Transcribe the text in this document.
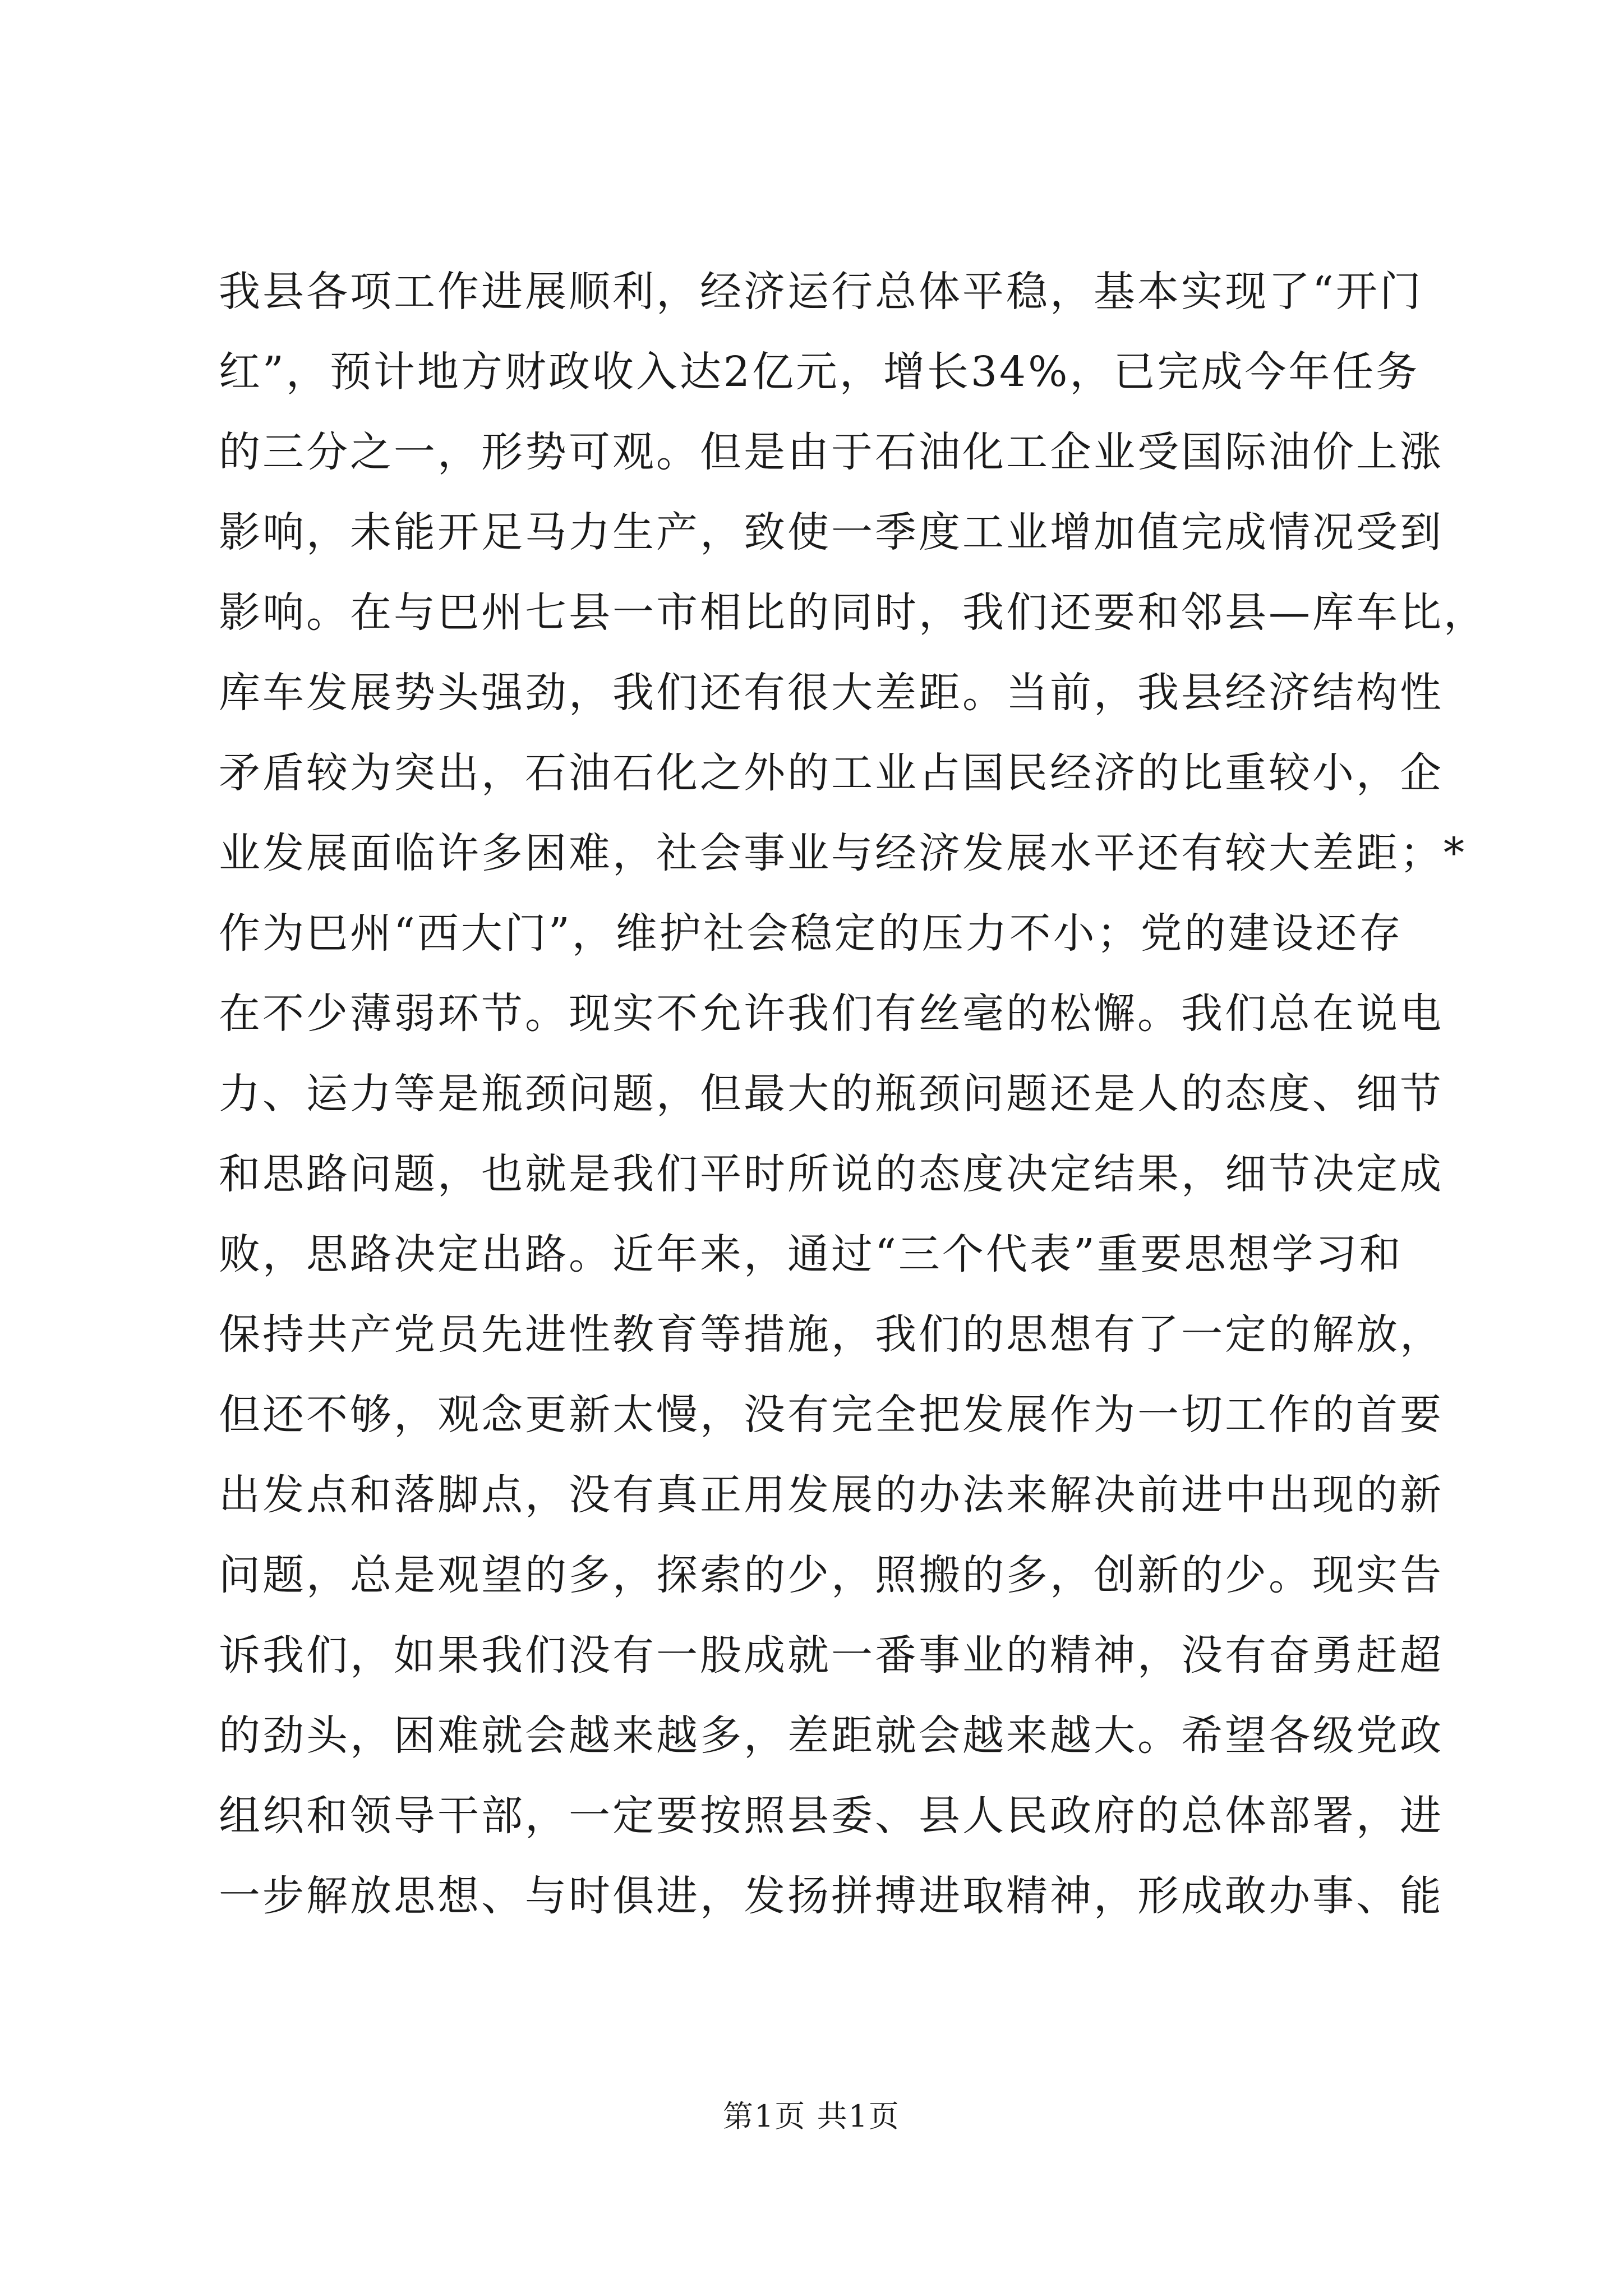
我县各项工作进展顺利，经济运行总体平稳，基本实现了“开门
红”，预计地方财政收入达2亿元，增长34%，已完成今年任务
的三分之一，形势可观。但是由于石油化工企业受国际油价上涨
影响，未能开足马力生产，致使一季度工业增加值完成情况受到
影响。在与巴州七县一市相比的同时，我们还要和邻县—库车比，
库车发展势头强劲，我们还有很大差距。当前，我县经济结构性
矛盾较为突出，石油石化之外的工业占国民经济的比重较小，企
业发展面临许多困难，社会事业与经济发展水平还有较大差距；*
作为巴州“西大门”，维护社会稳定的压力不小；党的建设还存
在不少薄弱环节。现实不允许我们有丝毫的松懈。我们总在说电
力、运力等是瓶颈问题，但最大的瓶颈问题还是人的态度、细节
和思路问题，也就是我们平时所说的态度决定结果，细节决定成
败，思路决定出路。近年来，通过“三个代表”重要思想学习和
保持共产党员先进性教育等措施，我们的思想有了一定的解放，
但还不够，观念更新太慢，没有完全把发展作为一切工作的首要
出发点和落脚点，没有真正用发展的办法来解决前进中出现的新
问题，总是观望的多，探索的少，照搬的多，创新的少。现实告
诉我们，如果我们没有一股成就一番事业的精神，没有奋勇赶超
的劲头，困难就会越来越多，差距就会越来越大。希望各级党政
组织和领导干部，一定要按照县委、县人民政府的总体部署，进
一步解放思想、与时俱进，发扬拼搏进取精神，形成敢办事、能
第1页 共1页
